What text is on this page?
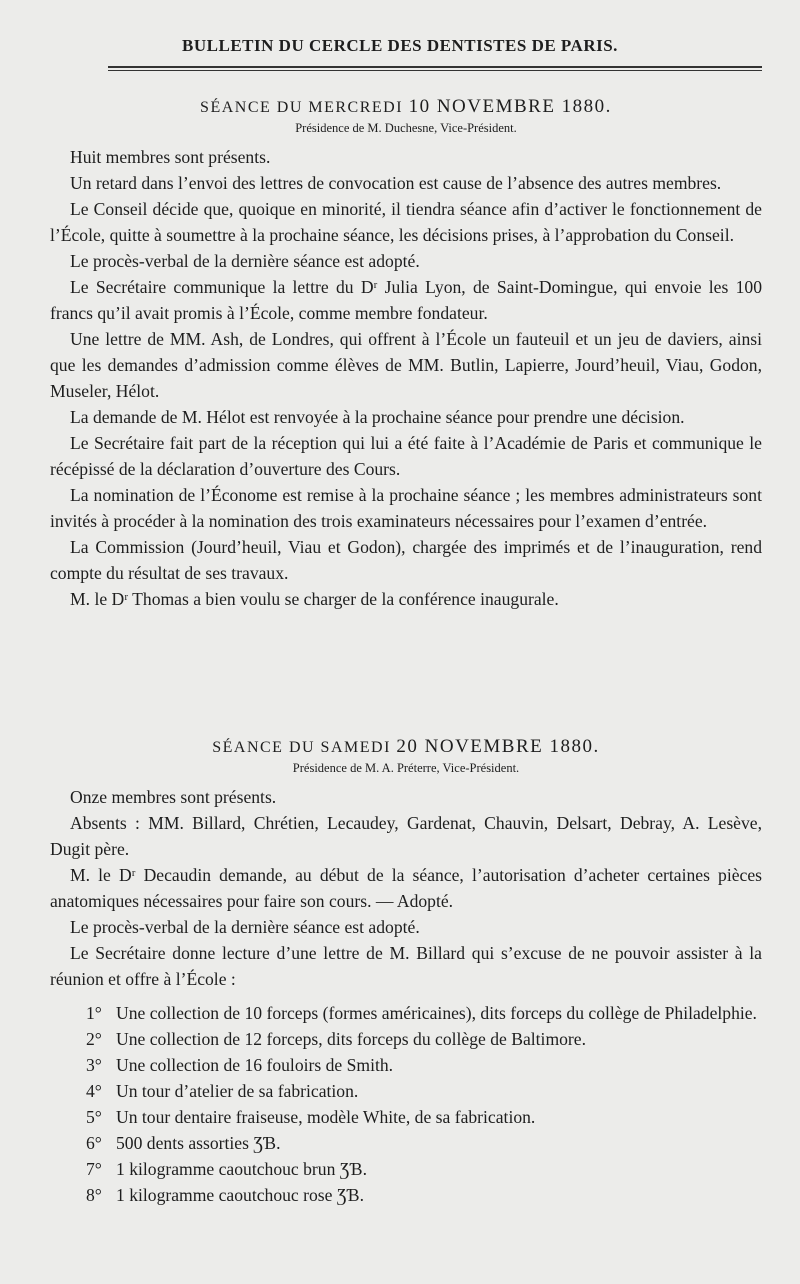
BULLETIN DU CERCLE DES DENTISTES DE PARIS.
SÉANCE DU MERCREDI 10 NOVEMBRE 1880.
Présidence de M. Duchesne, Vice-Président.

Huit membres sont présents.

Un retard dans l’envoi des lettres de convocation est cause de l’absence des autres membres.

Le Conseil décide que, quoique en minorité, il tiendra séance afin d’activer le fonctionnement de l’École, quitte à soumettre à la prochaine séance, les décisions prises, à l’approbation du Conseil.

Le procès-verbal de la dernière séance est adopté.

Le Secrétaire communique la lettre du Dʳ Julia Lyon, de Saint-Domingue, qui envoie les 100 francs qu’il avait promis à l’École, comme membre fondateur.

Une lettre de MM. Ash, de Londres, qui offrent à l’École un fauteuil et un jeu de daviers, ainsi que les demandes d’admission comme élèves de MM. Butlin, Lapierre, Jourd’heuil, Viau, Godon, Museler, Hélot.

La demande de M. Hélot est renvoyée à la prochaine séance pour prendre une décision.

Le Secrétaire fait part de la réception qui lui a été faite à l’Académie de Paris et communique le récépissé de la déclaration d’ouverture des Cours.

La nomination de l’Économe est remise à la prochaine séance ; les membres administrateurs sont invités à procéder à la nomination des trois examinateurs nécessaires pour l’examen d’entrée.

La Commission (Jourd’heuil, Viau et Godon), chargée des imprimés et de l’inauguration, rend compte du résultat de ses travaux.

M. le Dʳ Thomas a bien voulu se charger de la conférence inaugurale.

SÉANCE DU SAMEDI 20 NOVEMBRE 1880.
Présidence de M. A. Préterre, Vice-Président.

Onze membres sont présents.

Absents : MM. Billard, Chrétien, Lecaudey, Gardenat, Chauvin, Delsart, Debray, A. Lesève, Dugit père.

M. le Dʳ Decaudin demande, au début de la séance, l’autorisation d’acheter certaines pièces anatomiques nécessaires pour faire son cours. — Adopté.

Le procès-verbal de la dernière séance est adopté.

Le Secrétaire donne lecture d’une lettre de M. Billard qui s’excuse de ne pouvoir assister à la réunion et offre à l’École :

1° Une collection de 10 forceps (formes américaines), dits forceps du collège de Philadelphie.
2° Une collection de 12 forceps, dits forceps du collège de Baltimore.
3° Une collection de 16 fouloirs de Smith.
4° Un tour d’atelier de sa fabrication.
5° Un tour dentaire fraiseuse, modèle White, de sa fabrication.
6° 500 dents assorties ƷƁ.
7° 1 kilogramme caoutchouc brun ƷƁ.
8° 1 kilogramme caoutchouc rose ƷƁ.
